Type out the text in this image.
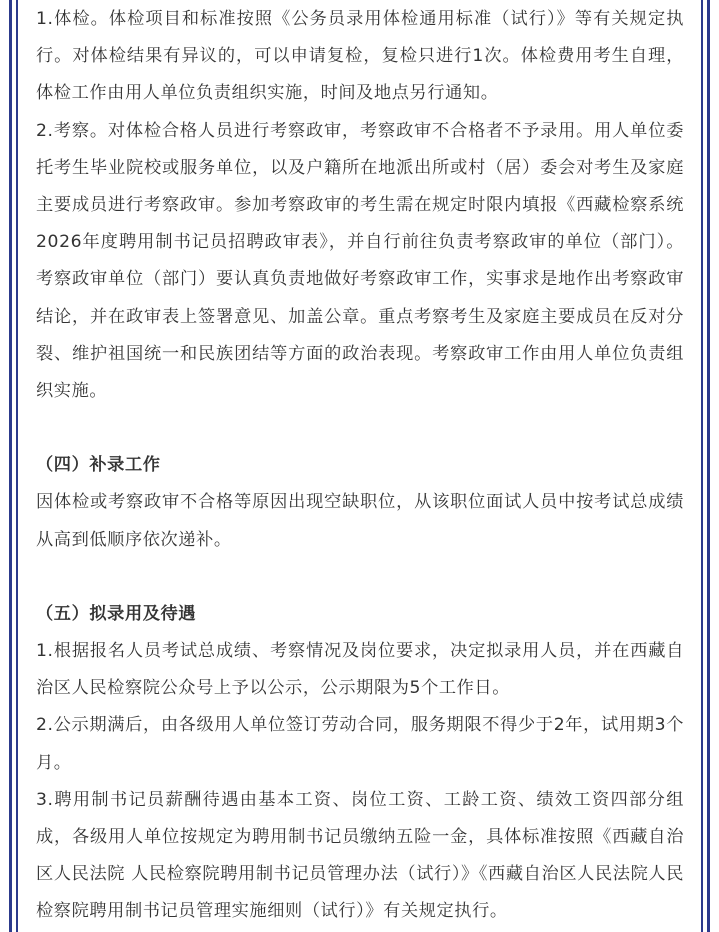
1.体检。体检项目和标准按照《公务员录用体检通用标准（试行）》等有关规定执行。对体检结果有异议的，可以申请复检，复检只进行1次。体检费用考生自理，体检工作由用人单位负责组织实施，时间及地点另行通知。

2.考察。对体检合格人员进行考察政审，考察政审不合格者不予录用。用人单位委托考生毕业院校或服务单位，以及户籍所在地派出所或村（居）委会对考生及家庭主要成员进行考察政审。参加考察政审的考生需在规定时限内填报《西藏检察系统2026年度聘用制书记员招聘政审表》，并自行前往负责考察政审的单位（部门）。考察政审单位（部门）要认真负责地做好考察政审工作，实事求是地作出考察政审结论，并在政审表上签署意见、加盖公章。重点考察考生及家庭主要成员在反对分裂、维护祖国统一和民族团结等方面的政治表现。考察政审工作由用人单位负责组织实施。

（四）补录工作

因体检或考察政审不合格等原因出现空缺职位，从该职位面试人员中按考试总成绩从高到低顺序依次递补。

（五）拟录用及待遇

1.根据报名人员考试总成绩、考察情况及岗位要求，决定拟录用人员，并在西藏自治区人民检察院公众号上予以公示，公示期限为5个工作日。

2.公示期满后，由各级用人单位签订劳动合同，服务期限不得少于2年，试用期3个月。

3.聘用制书记员薪酬待遇由基本工资、岗位工资、工龄工资、绩效工资四部分组成，各级用人单位按规定为聘用制书记员缴纳五险一金，具体标准按照《西藏自治区人民法院 人民检察院聘用制书记员管理办法（试行）》《西藏自治区人民法院人民检察院聘用制书记员管理实施细则（试行）》有关规定执行。
